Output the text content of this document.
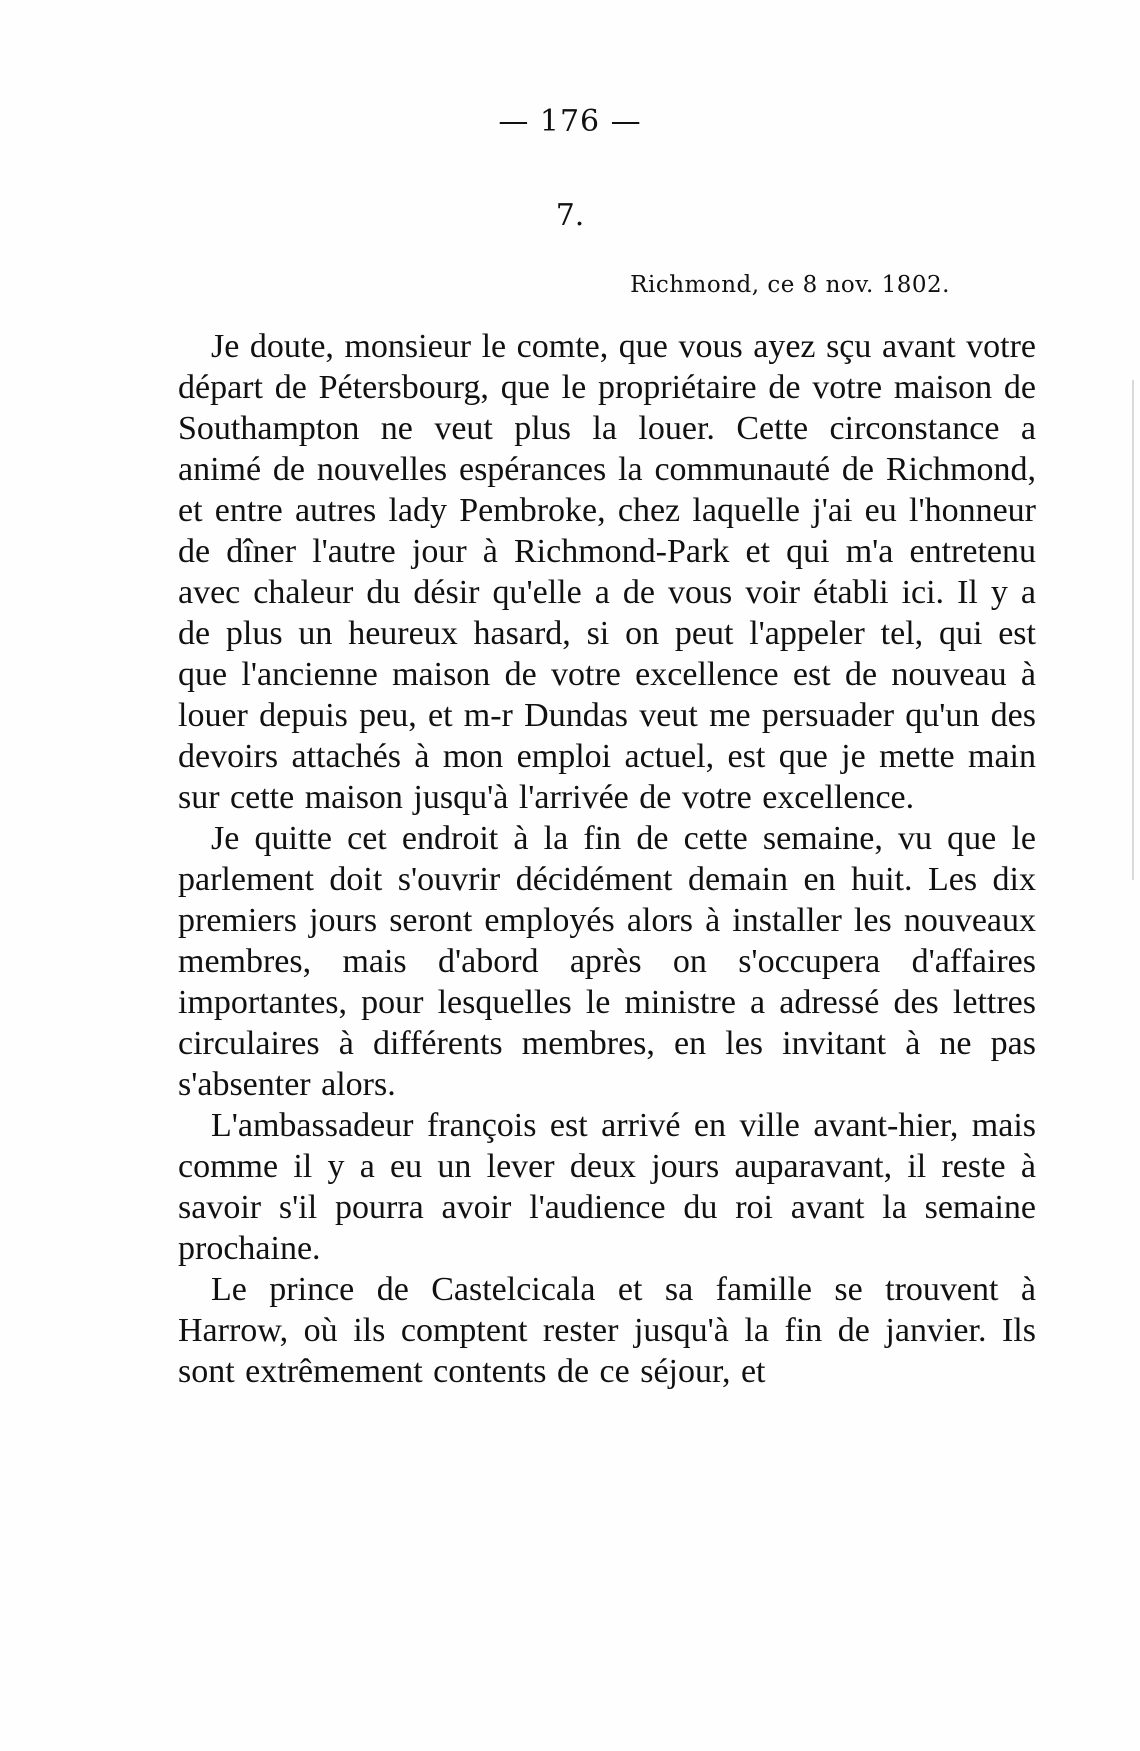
— 176 —
7.
Richmond, ce 8 nov. 1802.

Je doute, monsieur le comte, que vous ayez sçu avant votre départ de Pétersbourg, que le propriétaire de votre maison de Southampton ne veut plus la louer. Cette circonstance a animé de nouvelles espérances la communauté de Richmond, et entre autres lady Pembroke, chez laquelle j'ai eu l'honneur de dîner l'autre jour à Richmond-Park et qui m'a entretenu avec chaleur du désir qu'elle a de vous voir établi ici. Il y a de plus un heureux hasard, si on peut l'appeler tel, qui est que l'ancienne maison de votre excellence est de nouveau à louer depuis peu, et m-r Dundas veut me persuader qu'un des devoirs attachés à mon emploi actuel, est que je mette main sur cette maison jusqu'à l'arrivée de votre excellence.

Je quitte cet endroit à la fin de cette semaine, vu que le parlement doit s'ouvrir décidément demain en huit. Les dix premiers jours seront employés alors à installer les nouveaux membres, mais d'abord après on s'occupera d'affaires importantes, pour lesquelles le ministre a adressé des lettres circulaires à différents membres, en les invitant à ne pas s'absenter alors.

L'ambassadeur françois est arrivé en ville avant-hier, mais comme il y a eu un lever deux jours auparavant, il reste à savoir s'il pourra avoir l'audience du roi avant la semaine prochaine.

Le prince de Castelcicala et sa famille se trouvent à Harrow, où ils comptent rester jusqu'à la fin de janvier. Ils sont extrêmement contents de ce séjour, et
